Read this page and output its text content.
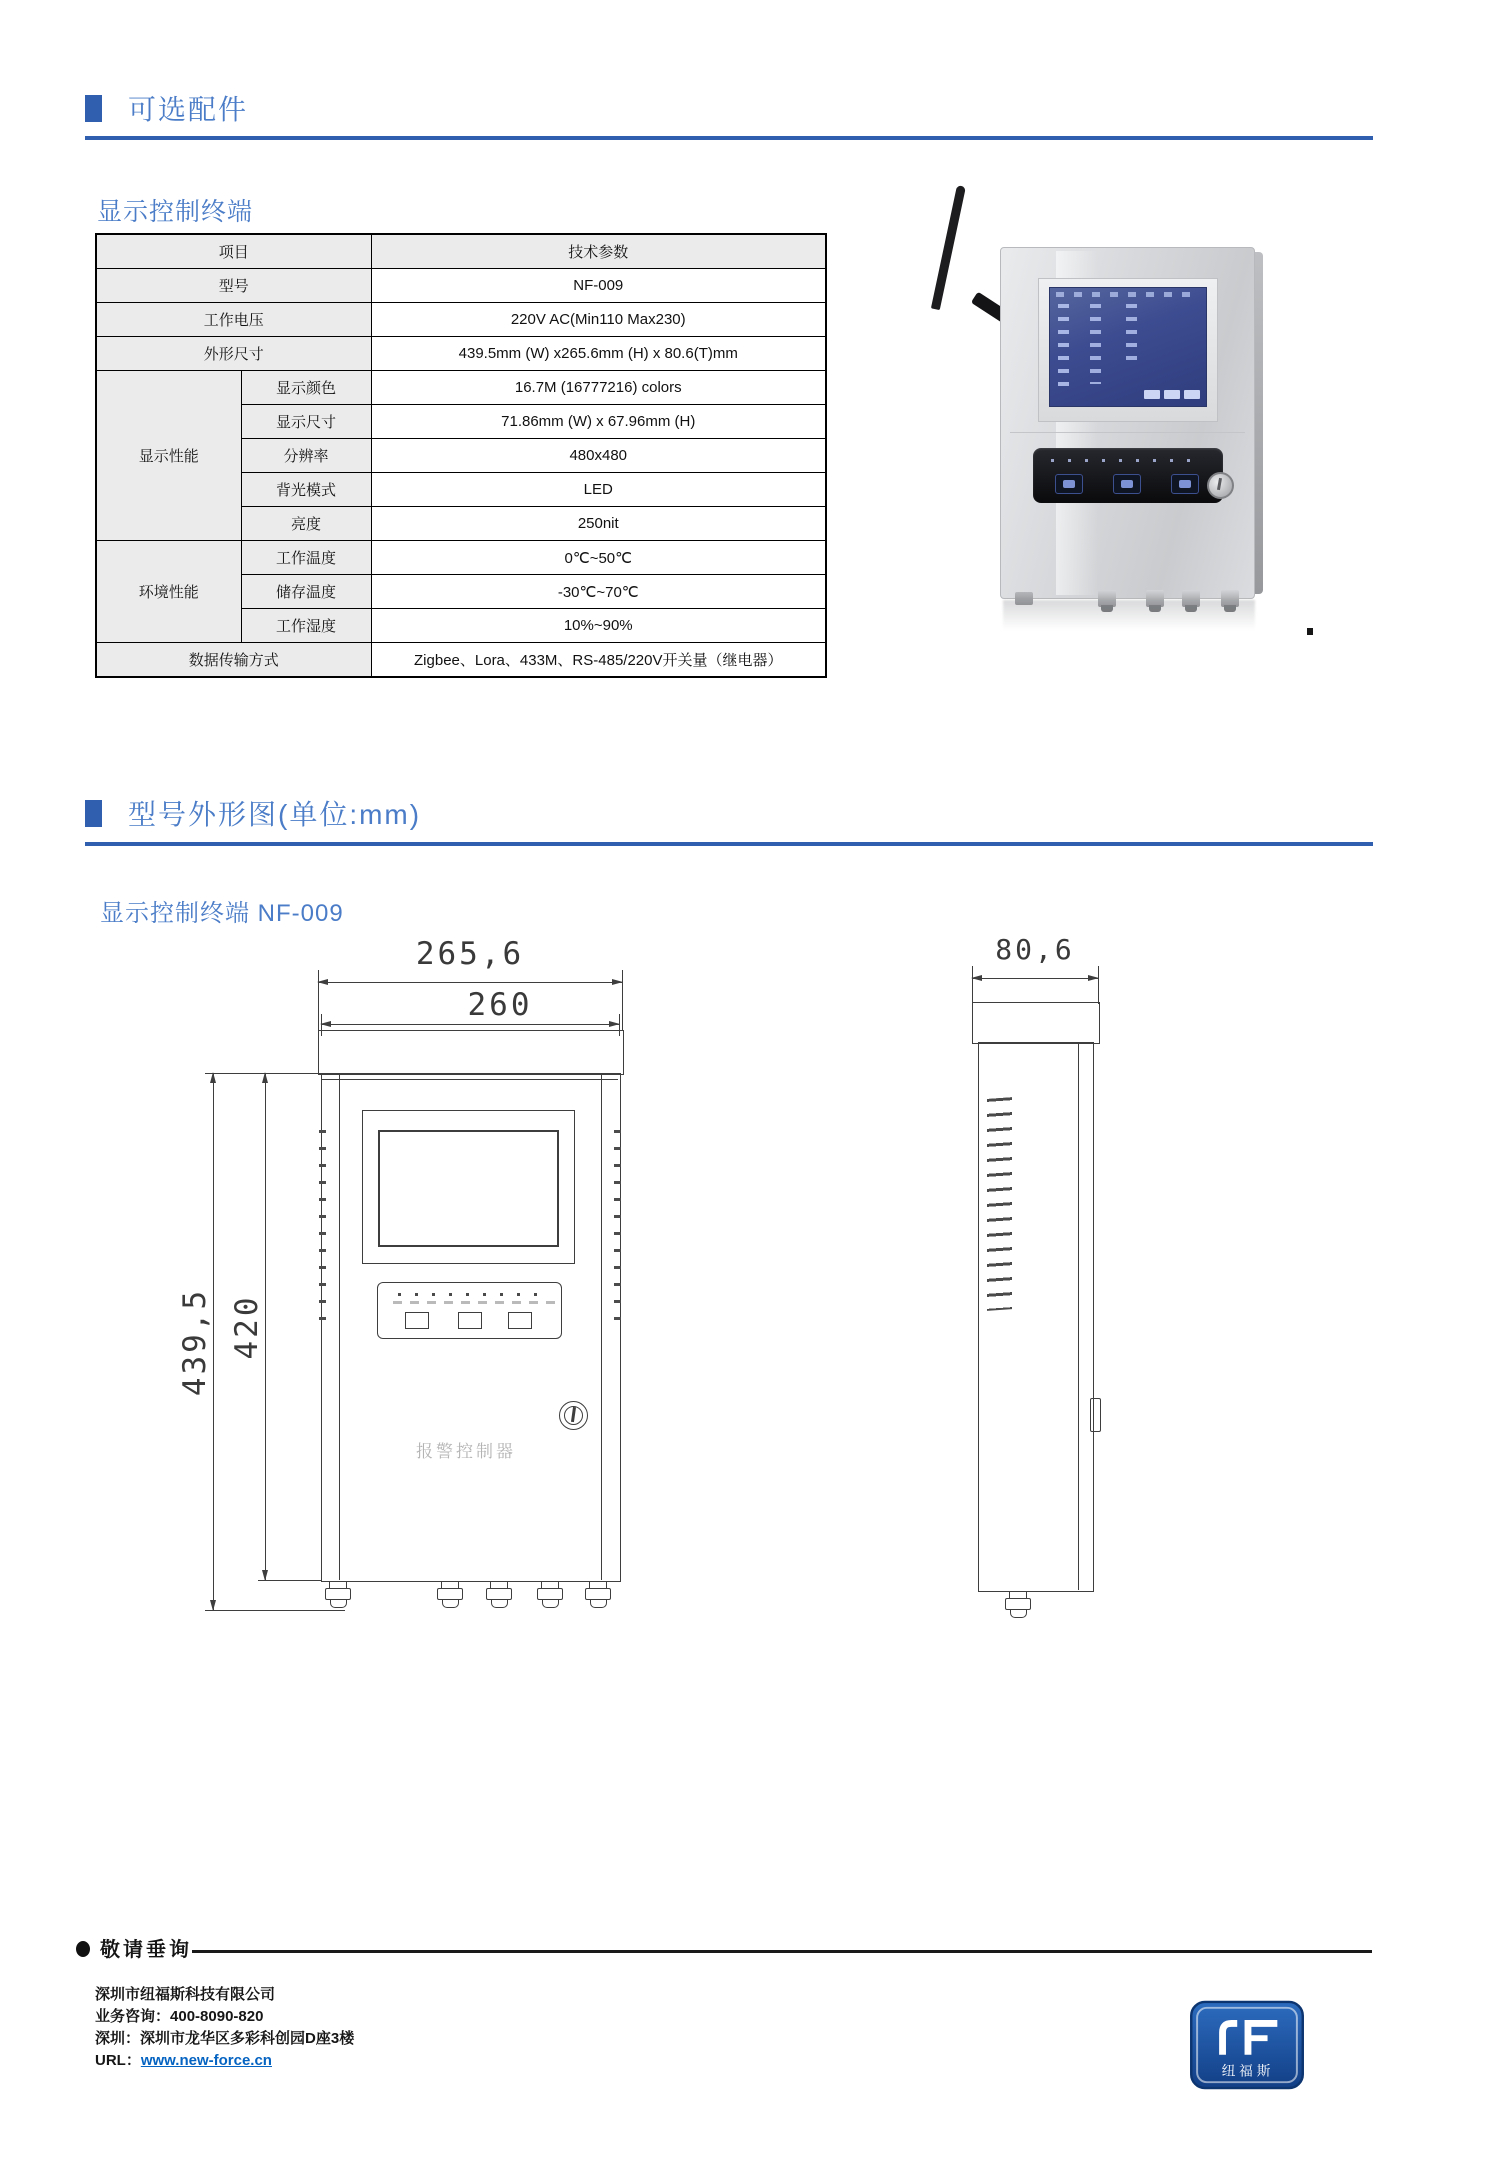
可选配件
显示控制终端
项目		技术参数
型号		NF-009
工作电压		220V AC(Min110 Max230)
外形尺寸		439.5mm (W) x265.6mm (H) x 80.6(T)mm
显示性能	显示颜色	16.7M (16777216) colors
	显示尺寸	71.86mm (W) x 67.96mm (H)
	分辨率	480x480
	背光模式	LED
	亮度	250nit
环境性能	工作温度	0℃~50℃
	储存温度	-30℃~70℃
	工作湿度	10%~90%
数据传输方式		Zigbee、Lora、433M、RS-485/220V开关量（继电器）
型号外形图(单位:mm)
显示控制终端 NF-009
265,6
260
报警控制器
439,5 420
80,6
敬请垂询
深圳市纽福斯科技有限公司
业务咨询：400-8090-820
深圳：深圳市龙华区多彩科创园D座3楼
URL：www.new-force.cn
纽福斯
